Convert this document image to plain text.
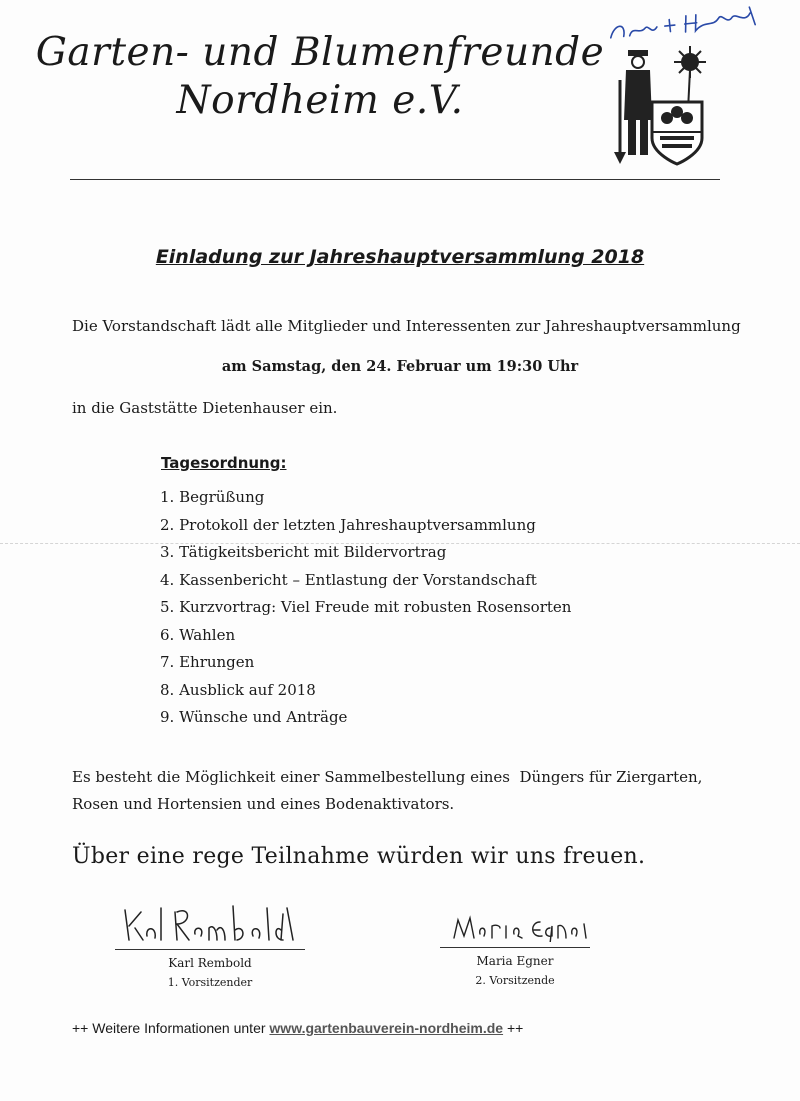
Garten- und Blumenfreunde
Nordheim e.V.
Einladung zur Jahreshauptversammlung 2018
Die Vorstandschaft lädt alle Mitglieder und Interessenten zur Jahreshauptversammlung
am Samstag, den 24. Februar um 19:30 Uhr
in die Gaststätte Dietenhauser ein.
Tagesordnung:
1. Begrüßung
2. Protokoll der letzten Jahreshauptversammlung
3. Tätigkeitsbericht mit Bildervortrag
4. Kassenbericht – Entlastung der Vorstandschaft
5. Kurzvortrag: Viel Freude mit robusten Rosensorten
6. Wahlen
7. Ehrungen
8. Ausblick auf 2018
9. Wünsche und Anträge
Es besteht die Möglichkeit einer Sammelbestellung eines  Düngers für Ziergarten,
Rosen und Hortensien und eines Bodenaktivators.
Über eine rege Teilnahme würden wir uns freuen.
Karl Rembold
1. Vorsitzender
Maria Egner
2. Vorsitzende
++ Weitere Informationen unter www.gartenbauverein-nordheim.de ++
